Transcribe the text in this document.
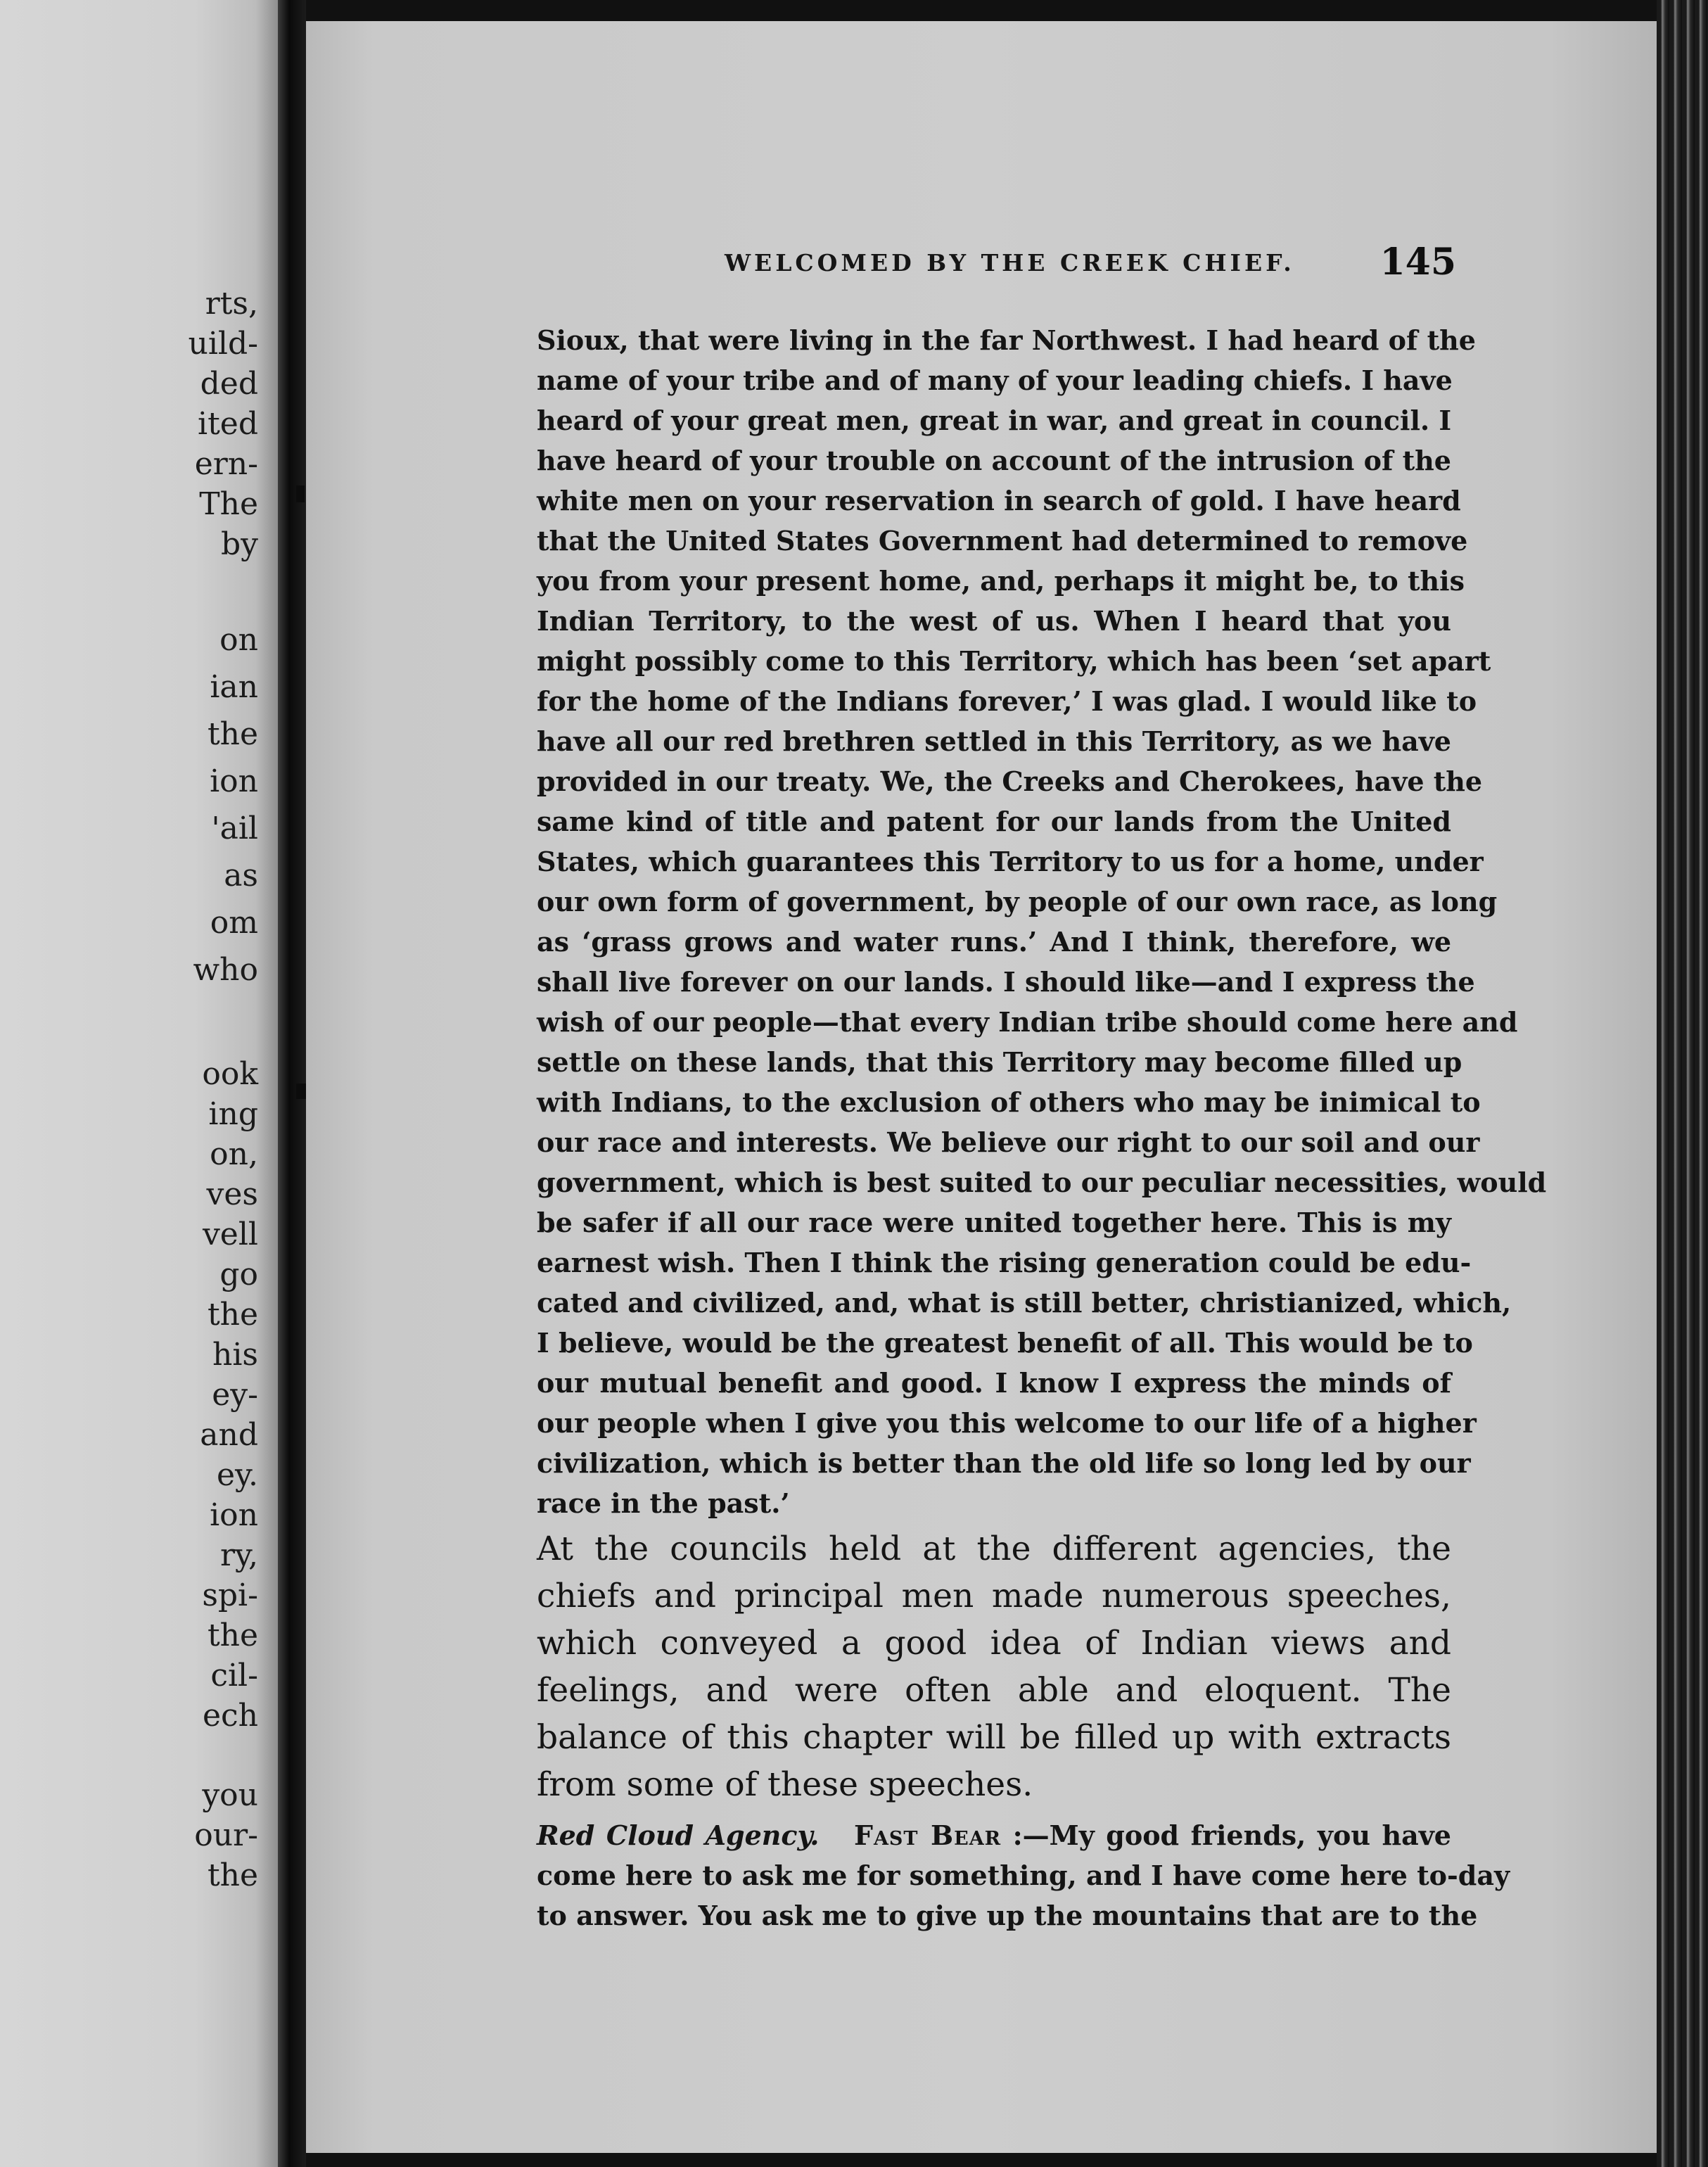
rts,

uild-

ded

ited

ern-

The

by

on

ian

the

ion

'ail

as

om

who

ook

ing

on,

ves

vell

go

the

his

ey-

and

ey.

ion

ry,

spi-

the

cil-

ech

you

our-

the

WELCOMED BY THE CREEK CHIEF. 145

Sioux, that were living in the far Northwest. I had heard of the
name of your tribe and of many of your leading chiefs. I have
heard of your great men, great in war, and great in council. I
have heard of your trouble on account of the intrusion of the
white men on your reservation in search of gold. I have heard
that the United States Government had determined to remove
you from your present home, and, perhaps it might be, to this
Indian Territory, to the west of us. When I heard that you
might possibly come to this Territory, which has been ‘set apart
for the home of the Indians forever,’ I was glad. I would like to
have all our red brethren settled in this Territory, as we have
provided in our treaty. We, the Creeks and Cherokees, have the
same kind of title and patent for our lands from the United
States, which guarantees this Territory to us for a home, under
our own form of government, by people of our own race, as long
as ‘grass grows and water runs.’ And I think, therefore, we
shall live forever on our lands. I should like—and I express the
wish of our people—that every Indian tribe should come here and
settle on these lands, that this Territory may become filled up
with Indians, to the exclusion of others who may be inimical to
our race and interests. We believe our right to our soil and our
government, which is best suited to our peculiar necessities, would
be safer if all our race were united together here. This is my
earnest wish. Then I think the rising generation could be edu-
cated and civilized, and, what is still better, christianized, which,
I believe, would be the greatest benefit of all. This would be to
our mutual benefit and good. I know I express the minds of
our people when I give you this welcome to our life of a higher
civilization, which is better than the old life so long led by our
race in the past.’
At the councils held at the different agencies, the
chiefs and principal men made numerous speeches,
which conveyed a good idea of Indian views and
feelings, and were often able and eloquent. The
balance of this chapter will be filled up with extracts
from some of these speeches.
Red Cloud Agency. Fast Bear :—My good friends, you have
come here to ask me for something, and I have come here to-day
to answer. You ask me to give up the mountains that are to the
